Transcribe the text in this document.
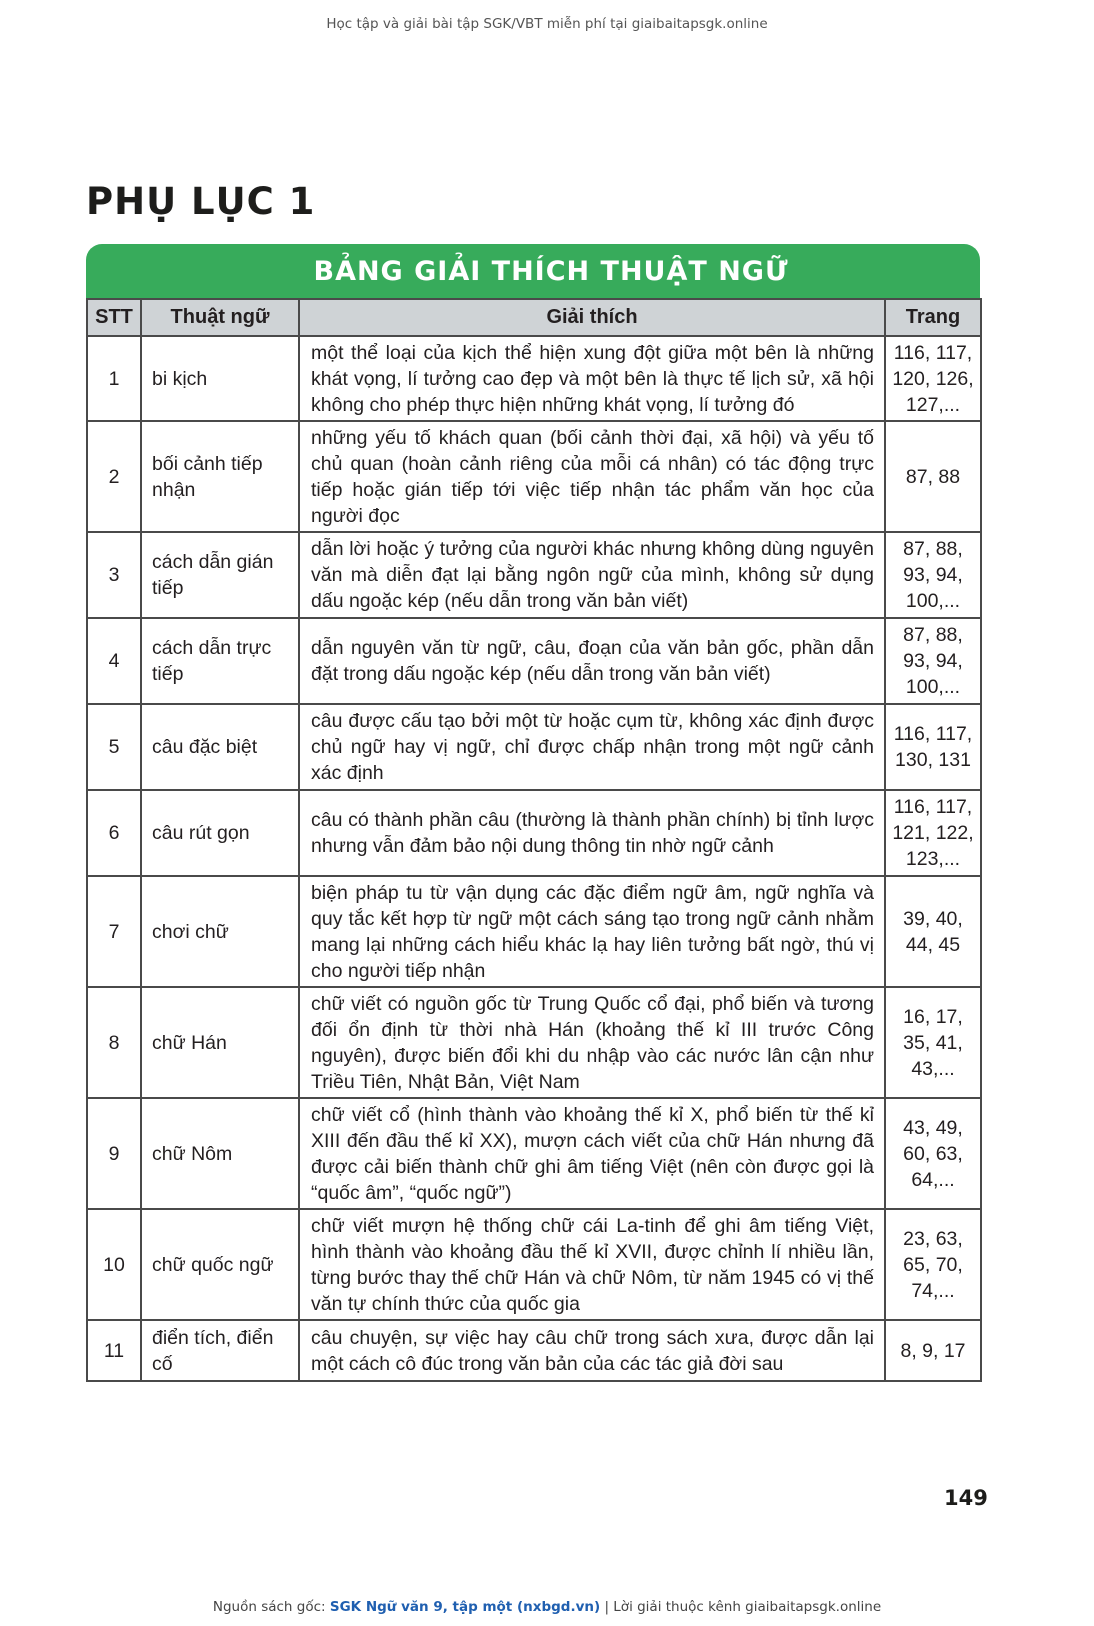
Học tập và giải bài tập SGK/VBT miễn phí tại giaibaitapsgk.online
PHỤ LỤC 1
BẢNG GIẢI THÍCH THUẬT NGỮ
STT	Thuật ngữ	Giải thích	Trang
1	bi kịch	một thể loại của kịch thể hiện xung đột giữa một bên là những khát vọng, lí tưởng cao đẹp và một bên là thực tế lịch sử, xã hội không cho phép thực hiện những khát vọng, lí tưởng đó	116, 117, 120, 126, 127,...
2	bối cảnh tiếp nhận	những yếu tố khách quan (bối cảnh thời đại, xã hội) và yếu tố chủ quan (hoàn cảnh riêng của mỗi cá nhân) có tác động trực tiếp hoặc gián tiếp tới việc tiếp nhận tác phẩm văn học của người đọc	87, 88
3	cách dẫn gián tiếp	dẫn lời hoặc ý tưởng của người khác nhưng không dùng nguyên văn mà diễn đạt lại bằng ngôn ngữ của mình, không sử dụng dấu ngoặc kép (nếu dẫn trong văn bản viết)	87, 88, 93, 94, 100,...
4	cách dẫn trực tiếp	dẫn nguyên văn từ ngữ, câu, đoạn của văn bản gốc, phần dẫn đặt trong dấu ngoặc kép (nếu dẫn trong văn bản viết)	87, 88, 93, 94, 100,...
5	câu đặc biệt	câu được cấu tạo bởi một từ hoặc cụm từ, không xác định được chủ ngữ hay vị ngữ, chỉ được chấp nhận trong một ngữ cảnh xác định	116, 117, 130, 131
6	câu rút gọn	câu có thành phần câu (thường là thành phần chính) bị tỉnh lược nhưng vẫn đảm bảo nội dung thông tin nhờ ngữ cảnh	116, 117, 121, 122, 123,...
7	chơi chữ	biện pháp tu từ vận dụng các đặc điểm ngữ âm, ngữ nghĩa và quy tắc kết hợp từ ngữ một cách sáng tạo trong ngữ cảnh nhằm mang lại những cách hiểu khác lạ hay liên tưởng bất ngờ, thú vị cho người tiếp nhận	39, 40, 44, 45
8	chữ Hán	chữ viết có nguồn gốc từ Trung Quốc cổ đại, phổ biến và tương đối ổn định từ thời nhà Hán (khoảng thế kỉ III trước Công nguyên), được biến đổi khi du nhập vào các nước lân cận như Triều Tiên, Nhật Bản, Việt Nam	16, 17, 35, 41, 43,...
9	chữ Nôm	chữ viết cổ (hình thành vào khoảng thế kỉ X, phổ biến từ thế kỉ XIII đến đầu thế kỉ XX), mượn cách viết của chữ Hán nhưng đã được cải biến thành chữ ghi âm tiếng Việt (nên còn được gọi là “quốc âm”, “quốc ngữ”)	43, 49, 60, 63, 64,...
10	chữ quốc ngữ	chữ viết mượn hệ thống chữ cái La-tinh để ghi âm tiếng Việt, hình thành vào khoảng đầu thế kỉ XVII, được chỉnh lí nhiều lần, từng bước thay thế chữ Hán và chữ Nôm, từ năm 1945 có vị thế văn tự chính thức của quốc gia	23, 63, 65, 70, 74,...
11	điển tích, điển cố	câu chuyện, sự việc hay câu chữ trong sách xưa, được dẫn lại một cách cô đúc trong văn bản của các tác giả đời sau	8, 9, 17
149
Nguồn sách gốc: SGK Ngữ văn 9, tập một (nxbgd.vn) | Lời giải thuộc kênh giaibaitapsgk.online
